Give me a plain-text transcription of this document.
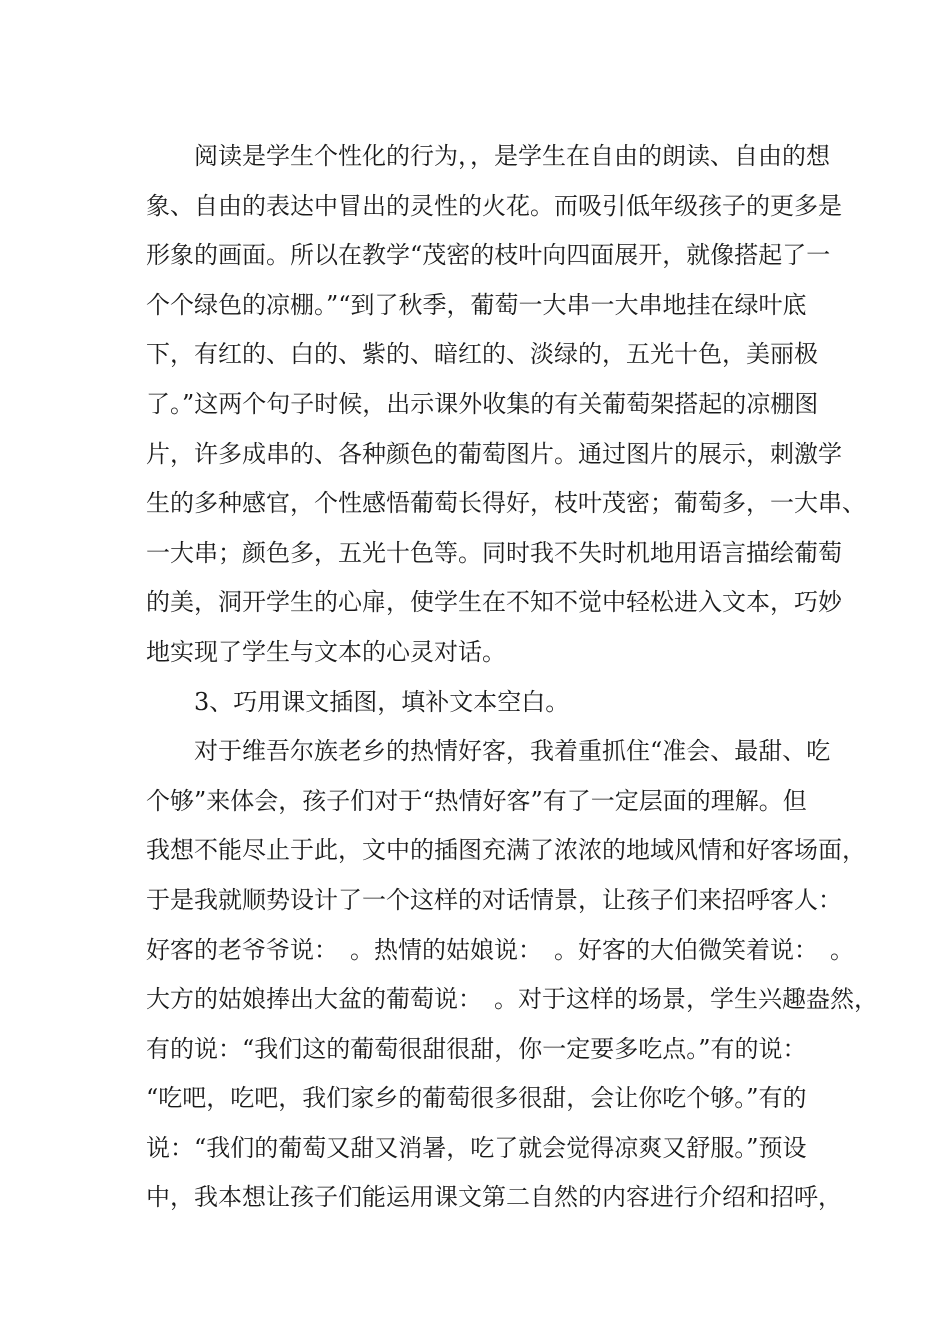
阅读是学生个性化的行为，，是学生在自由的朗读、自由的想
象、自由的表达中冒出的灵性的火花。而吸引低年级孩子的更多是
形象的画面。所以在教学“茂密的枝叶向四面展开，就像搭起了一
个个绿色的凉棚。”“到了秋季，葡萄一大串一大串地挂在绿叶底
下，有红的、白的、紫的、暗红的、淡绿的，五光十色，美丽极
了。”这两个句子时候，出示课外收集的有关葡萄架搭起的凉棚图
片，许多成串的、各种颜色的葡萄图片。通过图片的展示，刺激学
生的多种感官，个性感悟葡萄长得好，枝叶茂密；葡萄多，一大串、
一大串；颜色多，五光十色等。同时我不失时机地用语言描绘葡萄
的美，洞开学生的心扉，使学生在不知不觉中轻松进入文本，巧妙
地实现了学生与文本的心灵对话。
3、巧用课文插图，填补文本空白。
对于维吾尔族老乡的热情好客，我着重抓住“准会、最甜、吃
个够”来体会，孩子们对于“热情好客”有了一定层面的理解。但
我想不能尽止于此，文中的插图充满了浓浓的地域风情和好客场面，
于是我就顺势设计了一个这样的对话情景，让孩子们来招呼客人：
好客的老爷爷说：　。热情的姑娘说：　。好客的大伯微笑着说：　。
大方的姑娘捧出大盆的葡萄说：　。对于这样的场景，学生兴趣盎然，
有的说：“我们这的葡萄很甜很甜，你一定要多吃点。”有的说：
“吃吧，吃吧，我们家乡的葡萄很多很甜，会让你吃个够。”有的
说：“我们的葡萄又甜又消暑，吃了就会觉得凉爽又舒服。”预设
中，我本想让孩子们能运用课文第二自然的内容进行介绍和招呼，
